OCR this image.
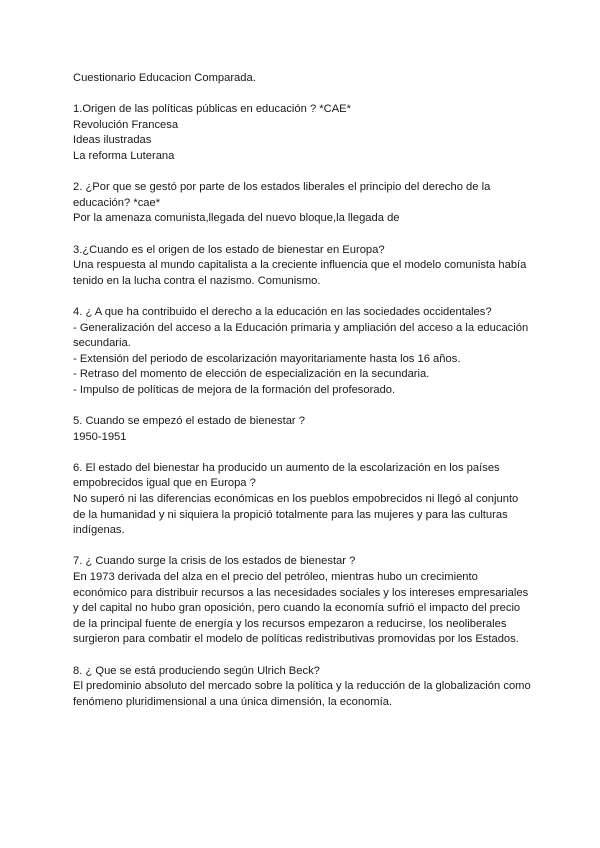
Cuestionario Educacion Comparada.
1.Origen de las políticas públicas en educación ? *CAE*
Revolución Francesa
Ideas ilustradas
La reforma Luterana
2. ¿Por que se gestó por parte de los estados liberales el principio del derecho de la educación? *cae*
Por la amenaza comunista,llegada del nuevo bloque,la llegada de
3.¿Cuando es el origen de los estado de bienestar en Europa?
Una respuesta al mundo capitalista a la creciente influencia que el modelo comunista había tenido en la lucha contra el nazismo. Comunismo.
4. ¿ A que ha contribuido el derecho a la educación en las sociedades occidentales?
- Generalización del acceso a la Educación primaria y ampliación del acceso a la educación secundaria.
- Extensión del periodo de escolarización mayoritariamente hasta los 16 años.
- Retraso del momento de elección de especialización en la secundaria.
- Impulso de políticas de mejora de la formación del profesorado.
5. Cuando se empezó el estado de bienestar ?
1950-1951
6. El estado del bienestar ha producido un aumento de la escolarización en los países empobrecidos igual que en Europa ?
No superó ni las diferencias económicas en los pueblos empobrecidos ni llegó al conjunto de la humanidad y ni siquiera la propició totalmente para las mujeres y para las culturas indígenas.
7. ¿ Cuando surge la crisis de los estados de bienestar ?
En 1973 derivada del alza en el precio del petróleo, mientras hubo un crecimiento económico para distribuir recursos a las necesidades sociales y los intereses empresariales y del capital no hubo gran oposición, pero cuando la economía sufrió el impacto del precio de la principal fuente de energía y los recursos empezaron a reducirse, los neoliberales surgieron para combatir el modelo de políticas redistributivas promovidas por los Estados.
8. ¿ Que se está produciendo según Ulrich Beck?
El predominio absoluto del mercado sobre la política y la reducción de la globalización como fenómeno pluridimensional a una única dimensión, la economía.
